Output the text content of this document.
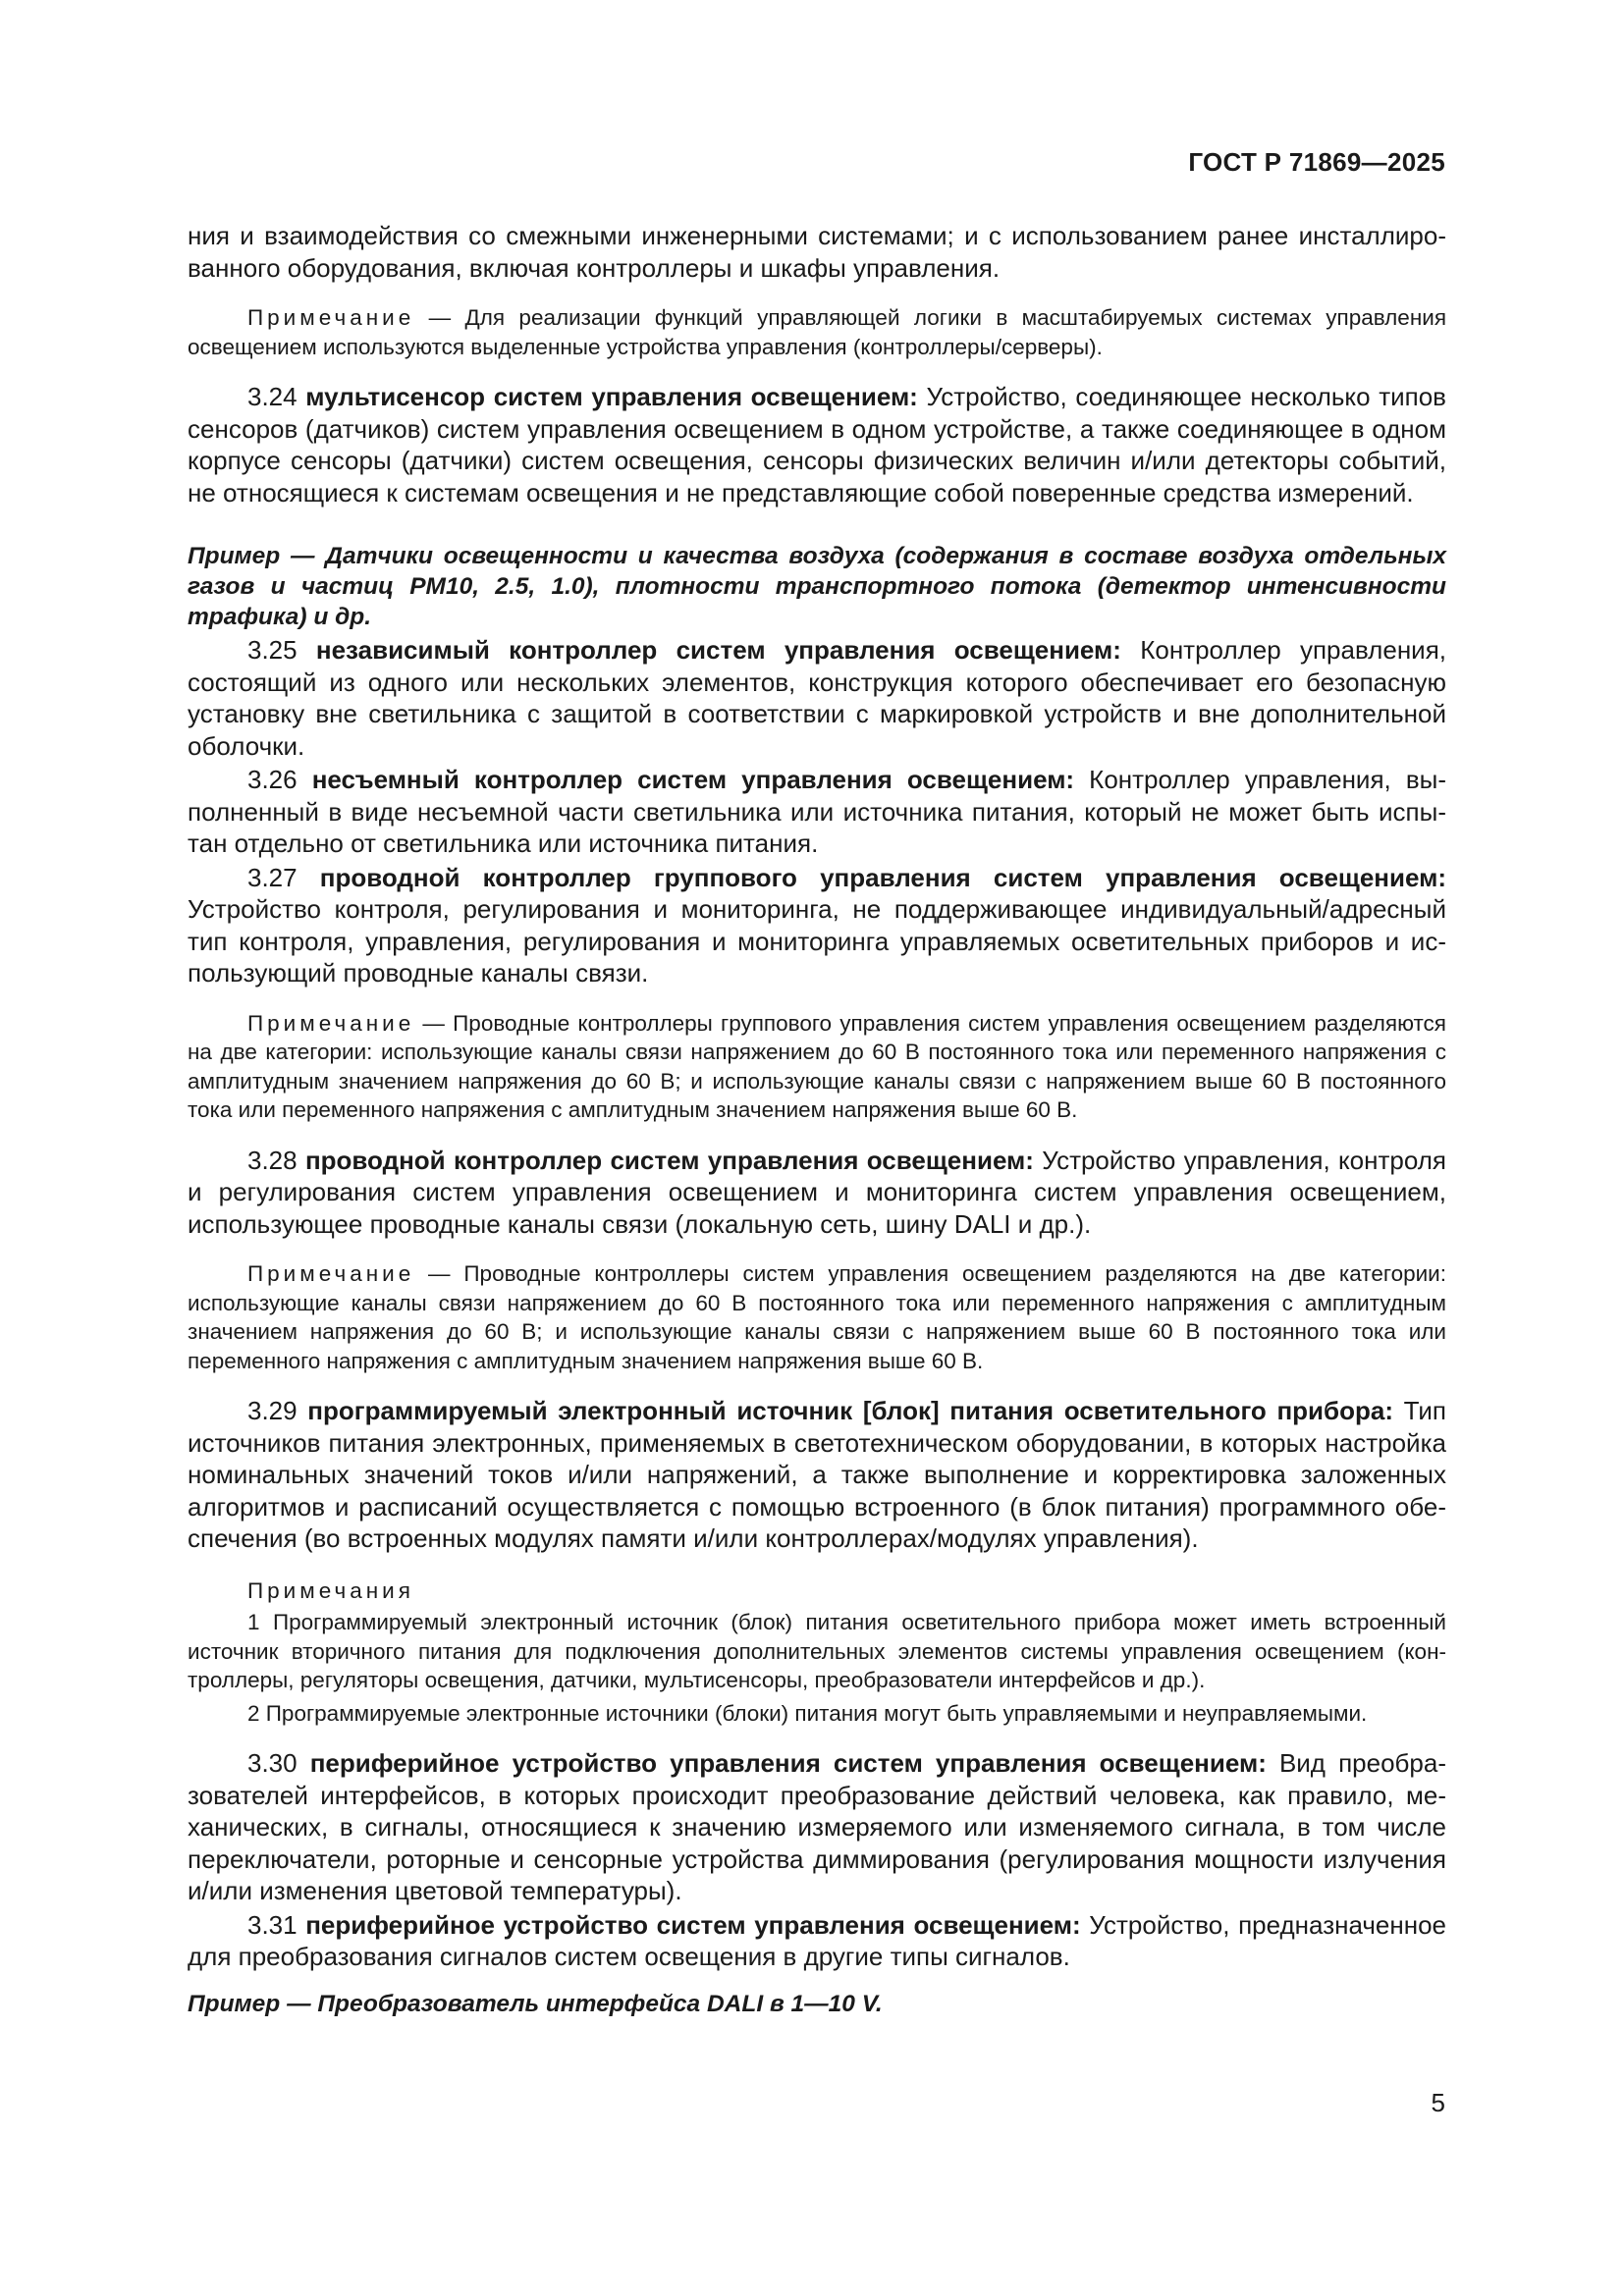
ГОСТ Р 71869—2025

ния и взаимодействия со смежными инженерными системами; и с использованием ранее инсталлированного оборудования, включая контроллеры и шкафы управления.

Примечание — Для реализации функций управляющей логики в масштабируемых системах управления освещением используются выделенные устройства управления (контроллеры/серверы).

3.24 мультисенсор систем управления освещением: Устройство, соединяющее несколько типов сенсоров (датчиков) систем управления освещением в одном устройстве, а также соединяющее в одном корпусе сенсоры (датчики) систем освещения, сенсоры физических величин и/или детекторы событий, не относящиеся к системам освещения и не представляющие собой поверенные средства измерений.

Пример — Датчики освещенности и качества воздуха (содержания в составе воздуха отдельных газов и частиц PM10, 2.5, 1.0), плотности транспортного потока (детектор интенсивности трафика) и др.

3.25 независимый контроллер систем управления освещением: Контроллер управления, состоящий из одного или нескольких элементов, конструкция которого обеспечивает его безопасную установку вне светильника с защитой в соответствии с маркировкой устройств и вне дополнительной оболочки.

3.26 несъемный контроллер систем управления освещением: Контроллер управления, выполненный в виде несъемной части светильника или источника питания, который не может быть испытан отдельно от светильника или источника питания.

3.27 проводной контроллер группового управления систем управления освещением: Устройство контроля, регулирования и мониторинга, не поддерживающее индивидуальный/адресный тип контроля, управления, регулирования и мониторинга управляемых осветительных приборов и использующий проводные каналы связи.

Примечание — Проводные контроллеры группового управления систем управления освещением разделяются на две категории: использующие каналы связи напряжением до 60 В постоянного тока или переменного напряжения с амплитудным значением напряжения до 60 В; и использующие каналы связи с напряжением выше 60 В постоянного тока или переменного напряжения с амплитудным значением напряжения выше 60 В.

3.28 проводной контроллер систем управления освещением: Устройство управления, контроля и регулирования систем управления освещением и мониторинга систем управления освещением, использующее проводные каналы связи (локальную сеть, шину DALI и др.).

Примечание — Проводные контроллеры систем управления освещением разделяются на две категории: использующие каналы связи напряжением до 60 В постоянного тока или переменного напряжения с амплитудным значением напряжения до 60 В; и использующие каналы связи с напряжением выше 60 В постоянного тока или переменного напряжения с амплитудным значением напряжения выше 60 В.

3.29 программируемый электронный источник [блок] питания осветительного прибора: Тип источников питания электронных, применяемых в светотехническом оборудовании, в которых настройка номинальных значений токов и/или напряжений, а также выполнение и корректировка заложенных алгоритмов и расписаний осуществляется с помощью встроенного (в блок питания) программного обеспечения (во встроенных модулях памяти и/или контроллерах/модулях управления).

Примечания

1 Программируемый электронный источник (блок) питания осветительного прибора может иметь встроенный источник вторичного питания для подключения дополнительных элементов системы управления освещением (контроллеры, регуляторы освещения, датчики, мультисенсоры, преобразователи интерфейсов и др.).

2 Программируемые электронные источники (блоки) питания могут быть управляемыми и неуправляемыми.

3.30 периферийное устройство управления систем управления освещением: Вид преобразователей интерфейсов, в которых происходит преобразование действий человека, как правило, механических, в сигналы, относящиеся к значению измеряемого или изменяемого сигнала, в том числе переключатели, роторные и сенсорные устройства диммирования (регулирования мощности излучения и/или изменения цветовой температуры).

3.31 периферийное устройство систем управления освещением: Устройство, предназначенное для преобразования сигналов систем освещения в другие типы сигналов.

Пример — Преобразователь интерфейса DALI в 1—10 V.

5
